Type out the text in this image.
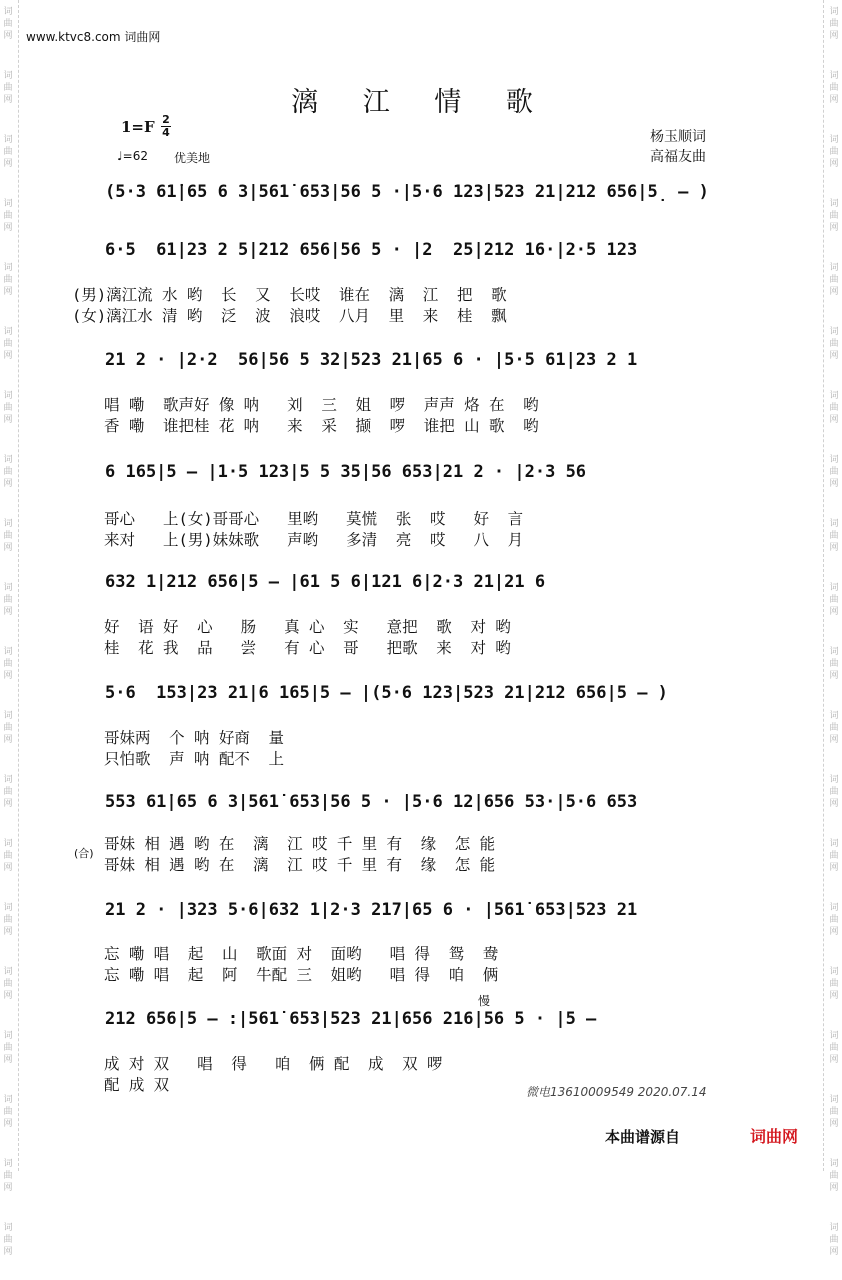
词
曲
网
词
曲
网
词
曲
网
词
曲
网
词
曲
网
词
曲
网
词
曲
网
词
曲
网
词
曲
网
词
曲
网
词
曲
网
词
曲
网
词
曲
网
词
曲
网
词
曲
网
词
曲
网
词
曲
网
词
曲
网
词
曲
网
词
曲
网
词
曲
网
词
曲
网
词
曲
网
词
曲
网
词
曲
网
词
曲
网
词
曲
网
词
曲
网
词
曲
网
词
曲
网
词
曲
网
词
曲
网
词
曲
网
词
曲
网
词
曲
网
词
曲
网
词
曲
网
词
曲
网
词
曲
网
词
曲
网
www.ktvc8.com 词曲网
漓 江 情 歌
1=F 2
4
♩=62 优美地
杨玉顺词
高福友曲
(5·3 61̇|65 6 3|561̇ 653|56 5 ·|5·6 123|523 21|212 656|5̣ – )
6·5  61|23 2 5|212 656|56 5 · |2  25|212 16·|2·5 123
(男)漓江流 水 哟  长  又  长哎  谁在  漓  江  把  歌
(女)漓江水 清 哟  泛  波  浪哎  八月  里  来  桂  飘
21 2 · |2·2  56|56 5 32|523 21|65 6 · |5·5 61|23 2 1
唱 嘞  歌声好 像 呐   刘  三  姐  啰  声声 烙 在  哟
香 嘞  谁把桂 花 呐   来  采  撷  啰  谁把 山 歌  哟
6 165|5 – |1·5 123|5 5 35|56 653|21 2 · |2·3 56
哥心   上(女)哥哥心   里哟   莫慌  张  哎   好  言
来对   上(男)妹妹歌   声哟   多清  亮  哎   八  月
632 1|212 656|5 – |61 5 6|121 6|2·3 21|21 6
好  语 好  心   肠   真 心  实   意把  歌  对 哟
桂  花 我  品   尝   有 心  哥   把歌  来  对 哟
5·6  153|23 21|6 165|5 – |(5·6 123|523 21|212 656|5 – )
哥妹两  个 呐 好商  量
只怕歌  声 呐 配不  上
553 61̇|65 6 3|561̇ 653|56 5 · |5·6 12|656 53·|5·6 653
(合)
哥妹 相 遇 哟 在  漓  江 哎 千 里 有  缘  怎 能
哥妹 相 遇 哟 在  漓  江 哎 千 里 有  缘  怎 能
21 2 · |323 5·6|632 1|2·3 217|65 6 · |561̇ 653|523 21
忘 嘞 唱  起  山  歌面 对  面哟   唱 得  鸳  鸯
忘 嘞 唱  起  阿  牛配 三  姐哟   唱 得  咱  俩
慢
212 656|5 – :|561̇ 653|523 21|656 216|56 5 · |5 –
成 对 双   唱  得   咱  俩 配  成  双 啰
配 成 双	微电13610009549 2020.07.14
本曲谱源自	词曲网
